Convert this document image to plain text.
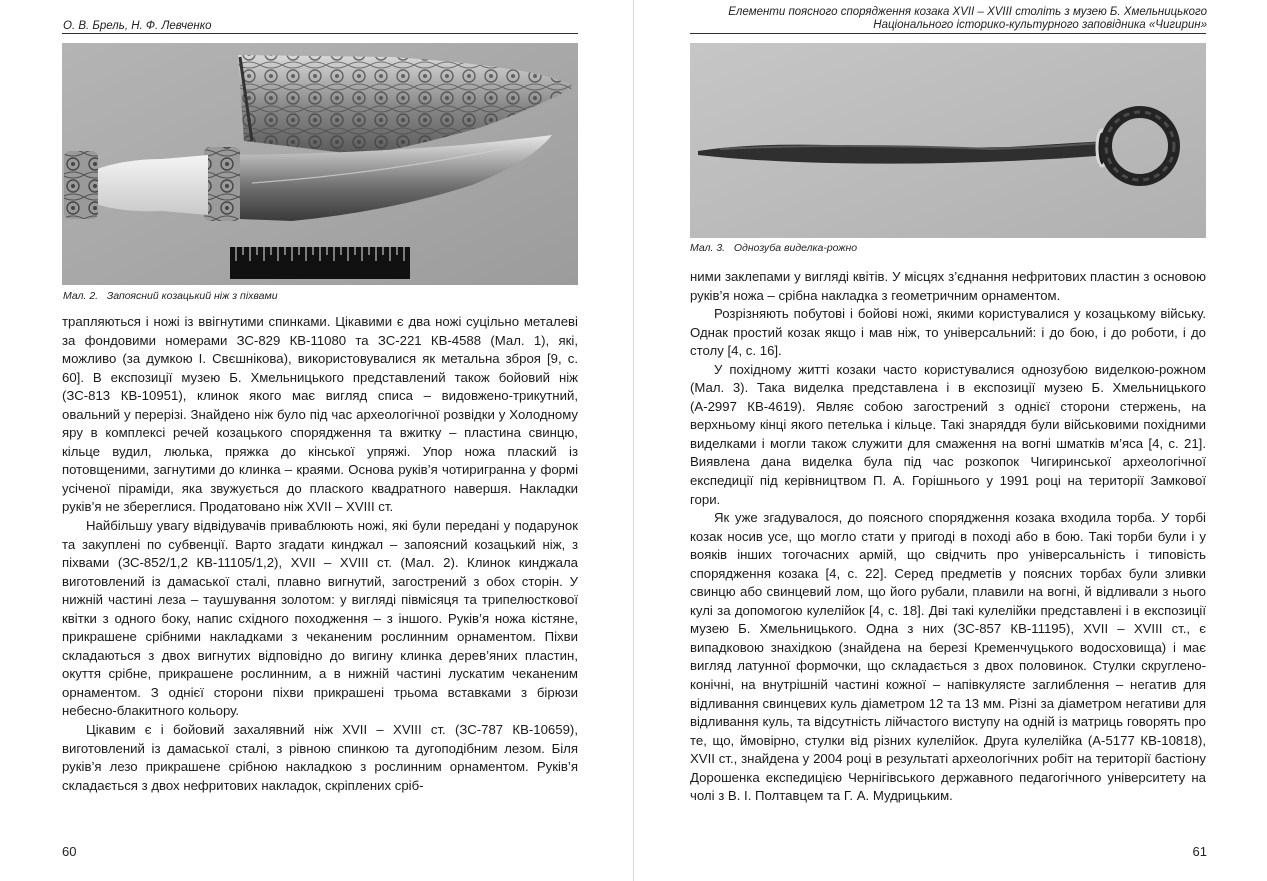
О. В. Брель, Н. Ф. Левченко
Мал. 2.   Запоясний козацький ніж з піхвами

трапляються і ножі із ввігнутими спинками. Цікавими є два ножі суцільно металеві за фондовими номерами ЗС-829 КВ-11080 та ЗС-221 КВ-4588 (Мал. 1), які, можливо (за думкою І. Свєшнікова), використовувалися як метальна зброя [9, с. 60]. В експозиції музею Б. Хмельницького представлений також бойовий ніж (ЗС-813 КВ-10951), клинок якого має вигляд списа – видовжено-трикутний, овальний у перерізі. Знайдено ніж було під час археологічної розвідки у Холодному яру в комплексі речей козацького спорядження та вжитку – пластина свинцю, кільце вудил, люлька, пряжка до кінської упряжі. Упор ножа плаский із потовщеними, загнутими до клинка – краями. Основа руків’я чотиригранна у формі усіченої піраміди, яка звужується до плаского квадратного навершя. Накладки руків’я не збереглися. Продатовано ніж XVII – XVIII ст.

Найбільшу увагу відвідувачів приваблюють ножі, які були передані у подарунок та закуплені по субвенції. Варто згадати кинджал – запоясний козацький ніж, з піхвами (ЗС-852/1,2 КВ-11105/1,2), XVII – XVIII ст. (Мал. 2). Клинок кинджала виготовлений із дамаської сталі, плавно вигнутий, загострений з обох сторін. У нижній частині леза – таушування золотом: у вигляді півмісяця та трипелюсткової квітки з одного боку, напис східного походження – з іншого. Руків’я ножа кістяне, прикрашене срібними накладками з чеканеним рослинним орнаментом. Піхви складаються з двох вигнутих відповідно до вигину клинка дерев’яних пластин, окуття срібне, прикрашене рослинним, а в нижній частині лускатим чеканеним орнаментом. З однієї сторони піхви прикрашені трьома вставками з бірюзи небесно-блакитного кольору.

Цікавим є і бойовий захалявний ніж XVII – XVIII ст. (ЗС-787 КВ-10659), виготовлений із дамаської сталі, з рівною спинкою та дугоподібним лезом. Біля руків’я лезо прикрашене срібною накладкою з рослинним орнаментом. Руків’я складається з двох нефритових накладок, скріплених сріб-

60
Елементи поясного спорядження козака XVII – XVIII століть з музею Б. Хмельницького
Національного історико-культурного заповідника «Чигирин»
Мал. 3.   Однозуба виделка-рожно

ними заклепами у вигляді квітів. У місцях з’єднання нефритових пластин з основою руків’я ножа – срібна накладка з геометричним орнаментом.

Розрізняють побутові і бойові ножі, якими користувалися у козацькому війську. Однак простий козак якщо і мав ніж, то універсальний: і до бою, і до роботи, і до столу [4, с. 16].

У похідному житті козаки часто користувалися однозубою виделкою-рожном (Мал. 3). Така виделка представлена і в експозиції музею Б. Хмельницького (А-2997 КВ-4619). Являє собою загострений з однієї сторони стержень, на верхньому кінці якого петелька і кільце. Такі знаряддя були військовими похідними виделками і могли також служити для смаження на вогні шматків м’яса [4, с. 21]. Виявлена дана виделка була під час розкопок Чигиринської археологічної експедиції під керівництвом П. А. Горішнього у 1991 році на території Замкової гори.

Як уже згадувалося, до поясного спорядження козака входила торба. У торбі козак носив усе, що могло стати у пригоді в поході або в бою. Такі торби були і у вояків інших тогочасних армій, що свідчить про універсальність і типовість спорядження козака [4, с. 22]. Серед предметів у поясних торбах були зливки свинцю або свинцевий лом, що його рубали, плавили на вогні, й відливали з нього кулі за допомогою кулелійок [4, с. 18]. Дві такі кулелійки представлені і в експозиції музею Б. Хмельницького. Одна з них (ЗС-857 КВ-11195), XVII – XVIII ст., є випадковою знахідкою (знайдена на березі Кременчуцького водосховища) і має вигляд латунної формочки, що складається з двох половинок. Стулки скруглено-конічні, на внутрішній частині кожної – напівкулясте заглиблення – негатив для відливання свинцевих куль діаметром 12 та 13 мм. Різні за діаметром негативи для відливання куль, та відсутність лійчастого виступу на одній із матриць говорять про те, що, ймовірно, стулки від різних кулелійок. Друга кулелійка (А-5177 КВ-10818), XVII ст., знайдена у 2004 році в результаті археологічних робіт на території бастіону Дорошенка експедицією Чернігівського державного педагогічного університету на чолі з В. І. Полтавцем та Г. А. Мудрицьким.

61
